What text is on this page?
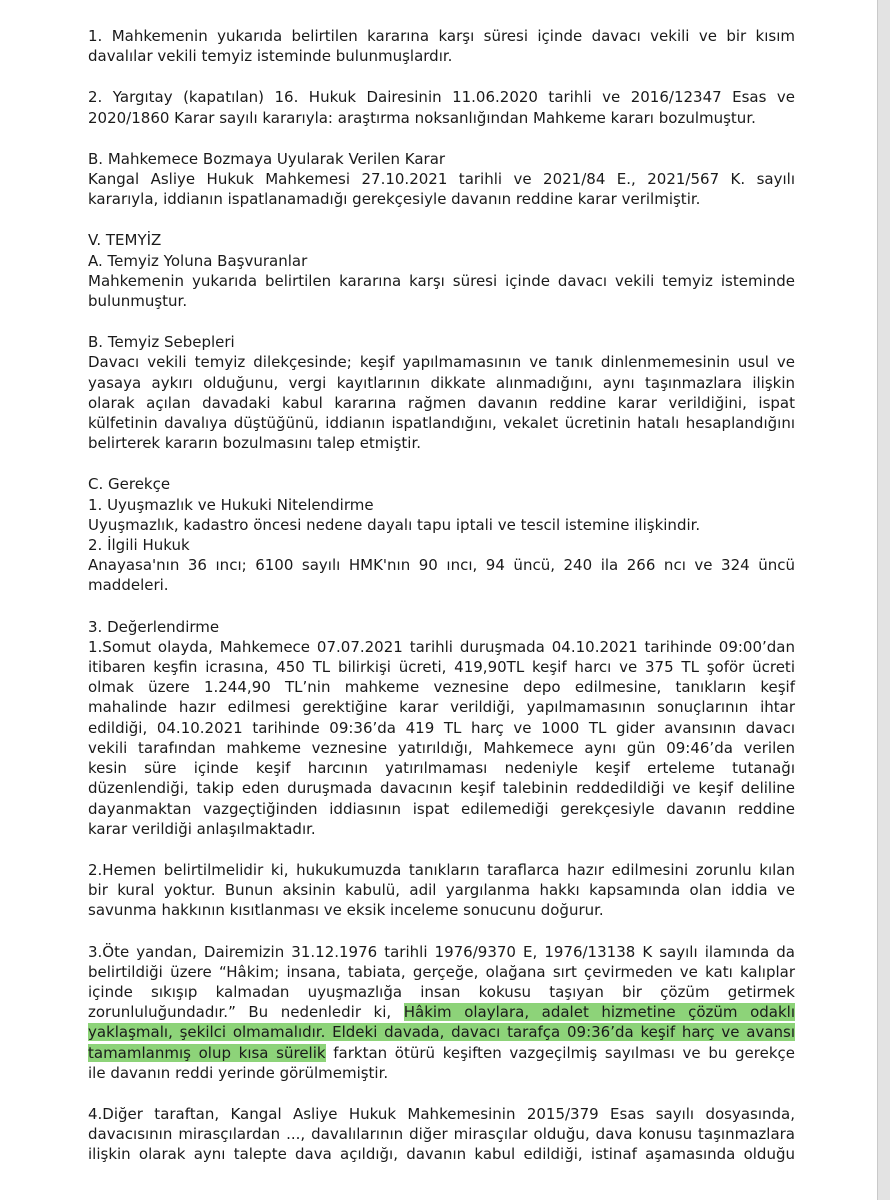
1. Mahkemenin yukarıda belirtilen kararına karşı süresi içinde davacı vekili ve bir kısım
davalılar vekili temyiz isteminde bulunmuşlardır.
2. Yargıtay (kapatılan) 16. Hukuk Dairesinin 11.06.2020 tarihli ve 2016/12347 Esas ve
2020/1860 Karar sayılı kararıyla: araştırma noksanlığından Mahkeme kararı bozulmuştur.
B. Mahkemece Bozmaya Uyularak Verilen Karar
Kangal Asliye Hukuk Mahkemesi 27.10.2021 tarihli ve 2021/84 E., 2021/567 K. sayılı
kararıyla, iddianın ispatlanamadığı gerekçesiyle davanın reddine karar verilmiştir.
V. TEMYİZ
A. Temyiz Yoluna Başvuranlar
Mahkemenin yukarıda belirtilen kararına karşı süresi içinde davacı vekili temyiz isteminde
bulunmuştur.
B. Temyiz Sebepleri
Davacı vekili temyiz dilekçesinde; keşif yapılmamasının ve tanık dinlenmemesinin usul ve
yasaya aykırı olduğunu, vergi kayıtlarının dikkate alınmadığını, aynı taşınmazlara ilişkin
olarak açılan davadaki kabul kararına rağmen davanın reddine karar verildiğini, ispat
külfetinin davalıya düştüğünü, iddianın ispatlandığını, vekalet ücretinin hatalı hesaplandığını
belirterek kararın bozulmasını talep etmiştir.
C. Gerekçe
1. Uyuşmazlık ve Hukuki Nitelendirme
Uyuşmazlık, kadastro öncesi nedene dayalı tapu iptali ve tescil istemine ilişkindir.
2. İlgili Hukuk
Anayasa'nın 36 ıncı; 6100 sayılı HMK'nın 90 ıncı, 94 üncü, 240 ila 266 ncı ve 324 üncü
maddeleri.
3. Değerlendirme
1.Somut olayda, Mahkemece 07.07.2021 tarihli duruşmada 04.10.2021 tarihinde 09:00’dan
itibaren keşfin icrasına, 450 TL bilirkişi ücreti, 419,90TL keşif harcı ve 375 TL şoför ücreti
olmak üzere 1.244,90 TL’nin mahkeme veznesine depo edilmesine, tanıkların keşif
mahalinde hazır edilmesi gerektiğine karar verildiği, yapılmamasının sonuçlarının ihtar
edildiği, 04.10.2021 tarihinde 09:36’da 419 TL harç ve 1000 TL gider avansının davacı
vekili tarafından mahkeme veznesine yatırıldığı, Mahkemece aynı gün 09:46’da verilen
kesin süre içinde keşif harcının yatırılmaması nedeniyle keşif erteleme tutanağı
düzenlendiği, takip eden duruşmada davacının keşif talebinin reddedildiği ve keşif deliline
dayanmaktan vazgeçtiğinden iddiasının ispat edilemediği gerekçesiyle davanın reddine
karar verildiği anlaşılmaktadır.
2.Hemen belirtilmelidir ki, hukukumuzda tanıkların taraflarca hazır edilmesini zorunlu kılan
bir kural yoktur. Bunun aksinin kabulü, adil yargılanma hakkı kapsamında olan iddia ve
savunma hakkının kısıtlanması ve eksik inceleme sonucunu doğurur.
3.Öte yandan, Dairemizin 31.12.1976 tarihli 1976/9370 E, 1976/13138 K sayılı ilamında da
belirtildiği üzere “Hâkim; insana, tabiata, gerçeğe, olağana sırt çevirmeden ve katı kalıplar
içinde sıkışıp kalmadan uyuşmazlığa insan kokusu taşıyan bir çözüm getirmek
zorunluluğundadır.” Bu nedenledir ki, Hâkim olaylara, adalet hizmetine çözüm odaklı
yaklaşmalı, şekilci olmamalıdır. Eldeki davada, davacı tarafça 09:36’da keşif harç ve avansı
tamamlanmış olup kısa sürelik farktan ötürü keşiften vazgeçilmiş sayılması ve bu gerekçe
ile davanın reddi yerinde görülmemiştir.
4.Diğer taraftan, Kangal Asliye Hukuk Mahkemesinin 2015/379 Esas sayılı dosyasında,
davacısının mirasçılardan ..., davalılarının diğer mirasçılar olduğu, dava konusu taşınmazlara
ilişkin olarak aynı talepte dava açıldığı, davanın kabul edildiği, istinaf aşamasında olduğu
